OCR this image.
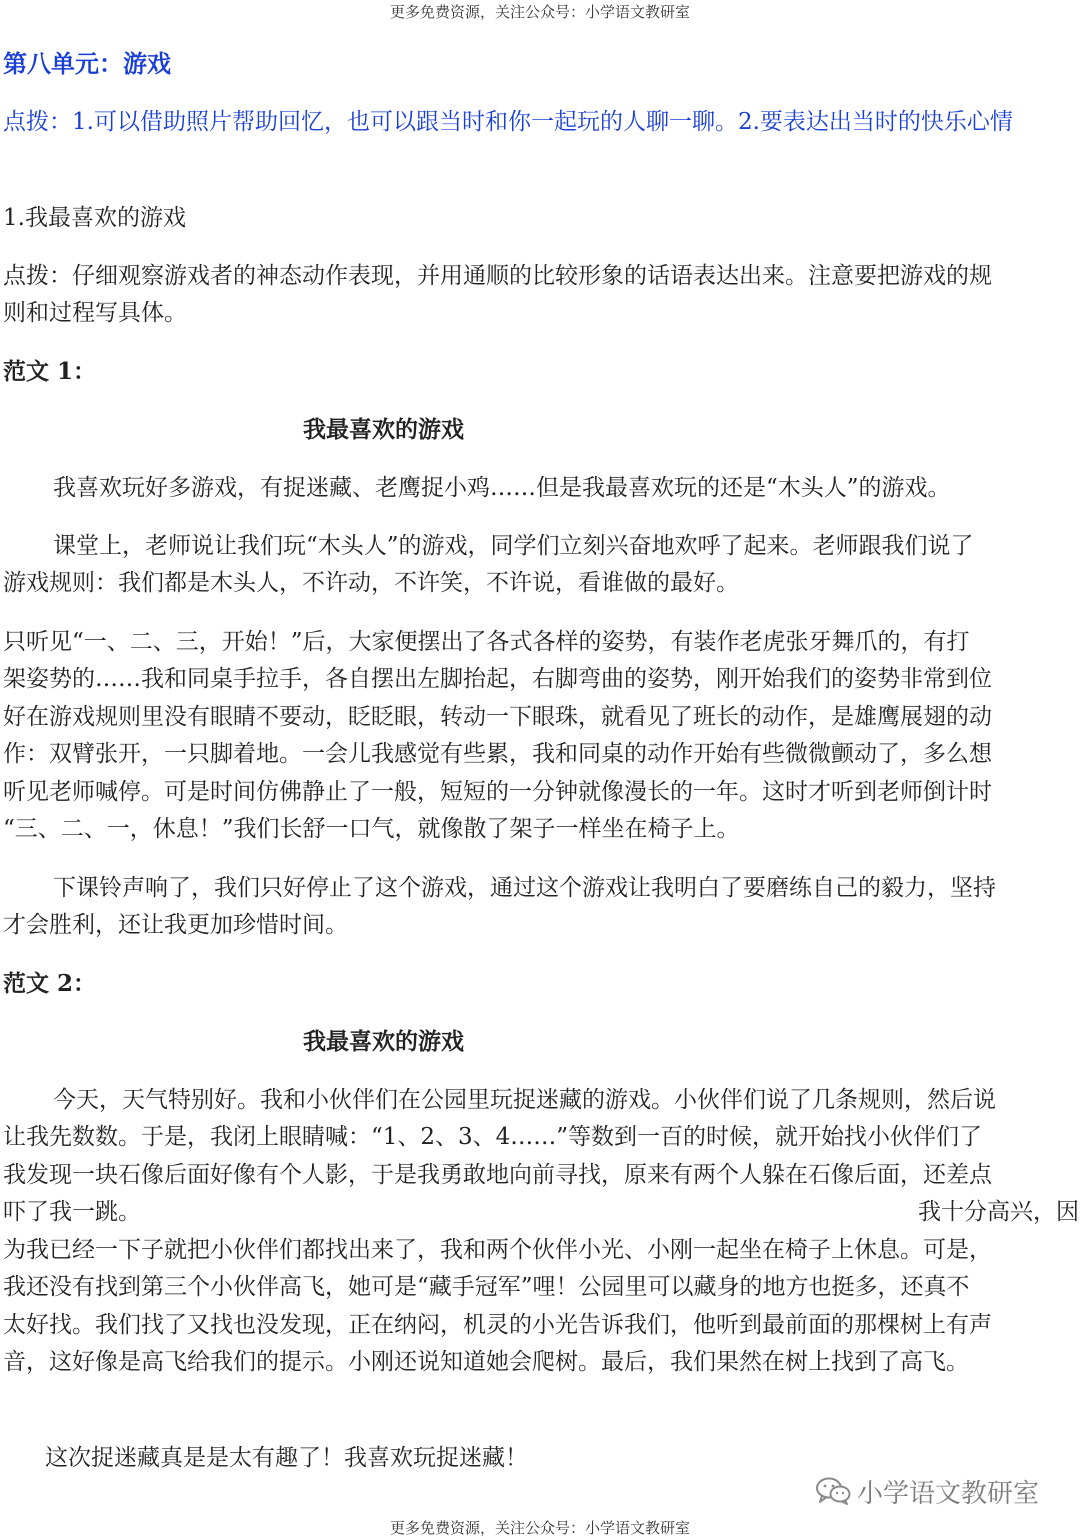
更多免费资源，关注公众号：小学语文教研室
第八单元：游戏
点拨：1.可以借助照片帮助回忆，也可以跟当时和你一起玩的人聊一聊。2.要表达出当时的快乐心情
1.我最喜欢的游戏
点拨：仔细观察游戏者的神态动作表现，并用通顺的比较形象的话语表达出来。注意要把游戏的规
则和过程写具体。
范文 1：
我最喜欢的游戏
我喜欢玩好多游戏，有捉迷藏、老鹰捉小鸡……但是我最喜欢玩的还是“木头人”的游戏。
课堂上，老师说让我们玩“木头人”的游戏，同学们立刻兴奋地欢呼了起来。老师跟我们说了
游戏规则：我们都是木头人，不许动，不许笑，不许说，看谁做的最好。
只听见“一、二、三，开始！”后，大家便摆出了各式各样的姿势，有装作老虎张牙舞爪的，有打
架姿势的……我和同桌手拉手，各自摆出左脚抬起，右脚弯曲的姿势，刚开始我们的姿势非常到位
好在游戏规则里没有眼睛不要动，眨眨眼，转动一下眼珠，就看见了班长的动作，是雄鹰展翅的动
作：双臂张开，一只脚着地。一会儿我感觉有些累，我和同桌的动作开始有些微微颤动了，多么想
听见老师喊停。可是时间仿佛静止了一般，短短的一分钟就像漫长的一年。这时才听到老师倒计时
“三、二、一，休息！”我们长舒一口气，就像散了架子一样坐在椅子上。
下课铃声响了，我们只好停止了这个游戏，通过这个游戏让我明白了要磨练自己的毅力，坚持
才会胜利，还让我更加珍惜时间。
范文 2：
我最喜欢的游戏
今天，天气特别好。我和小伙伴们在公园里玩捉迷藏的游戏。小伙伴们说了几条规则，然后说
让我先数数。于是，我闭上眼睛喊：“1、2、3、4……”等数到一百的时候，就开始找小伙伴们了
我发现一块石像后面好像有个人影，于是我勇敢地向前寻找，原来有两个人躲在石像后面，还差点
吓了我一跳。	我十分高兴，因
为我已经一下子就把小伙伴们都找出来了，我和两个伙伴小光、小刚一起坐在椅子上休息。可是，
我还没有找到第三个小伙伴高飞，她可是“藏手冠军”哩！公园里可以藏身的地方也挺多，还真不
太好找。我们找了又找也没发现，正在纳闷，机灵的小光告诉我们，他听到最前面的那棵树上有声
音，这好像是高飞给我们的提示。小刚还说知道她会爬树。最后，我们果然在树上找到了高飞。
这次捉迷藏真是是太有趣了！我喜欢玩捉迷藏！
小学语文教研室
更多免费资源，关注公众号：小学语文教研室
